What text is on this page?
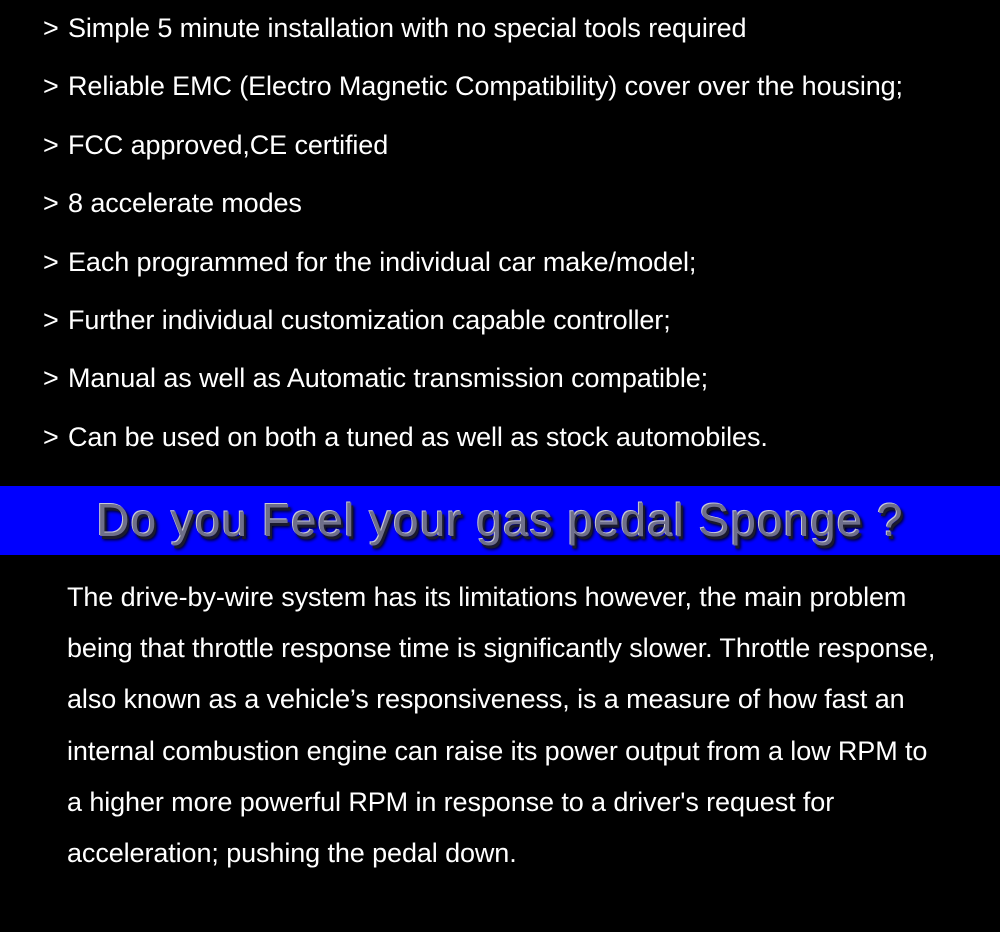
> Simple 5 minute installation with no special tools required
> Reliable EMC (Electro Magnetic Compatibility) cover over the housing;
> FCC approved,CE certified
> 8 accelerate modes
> Each programmed for the individual car make/model;
> Further individual customization capable controller;
> Manual as well as Automatic transmission compatible;
> Can be used on both a tuned as well as stock automobiles.
Do you Feel your gas pedal Sponge ?

The drive-by-wire system has its limitations however, the main problem being that throttle response time is significantly slower. Throttle response, also known as a vehicle’s responsiveness, is a measure of how fast an internal combustion engine can raise its power output from a low RPM to a higher more powerful RPM in response to a driver's request for acceleration; pushing the pedal down.
